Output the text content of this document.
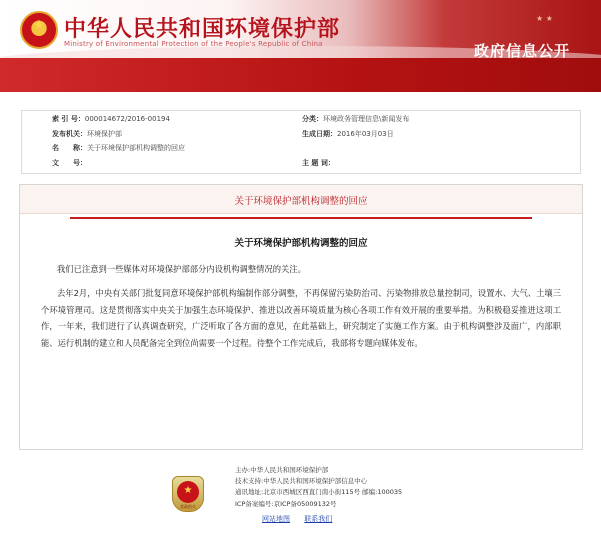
★ 中华人民共和国环境保护部
Ministry of Environmental Protection of the People's Republic of China
★ ★
政府信息公开
索 引 号：000014672/2016-00194	分类：环境政务管理信息\新闻发布
发布机关：环境保护部	生成日期：2016年03月03日
名　　称：关于环境保护部机构调整的回应
文　　号：	主 题 词：
关于环境保护部机构调整的回应
关于环境保护部机构调整的回应
我们已注意到一些媒体对环境保护部部分内设机构调整情况的关注。
去年2月，中央有关部门批复同意环境保护部机构编制作部分调整，不再保留污染防治司、污染物排放总量控制司，设置水、大气、土壤三个环境管理司。这是贯彻落实中央关于加强生态环境保护、推进以改善环境质量为核心各项工作有效开展的重要举措。为积极稳妥推进这项工作，一年来，我们进行了认真调查研究，广泛听取了各方面的意见，在此基础上，研究制定了实施工作方案。由于机构调整涉及面广，内部职能、运行机制的建立和人员配备完全到位尚需要一个过程。待整个工作完成后，我部将专题向媒体发布。
★
党政机关
主办:中华人民共和国环境保护部
技术支持:中华人民共和国环境保护部信息中心
通讯地址:北京市西城区西直门南小街115号 邮编:100035
ICP备案编号:京ICP备05009132号
网站地图 联系我们
